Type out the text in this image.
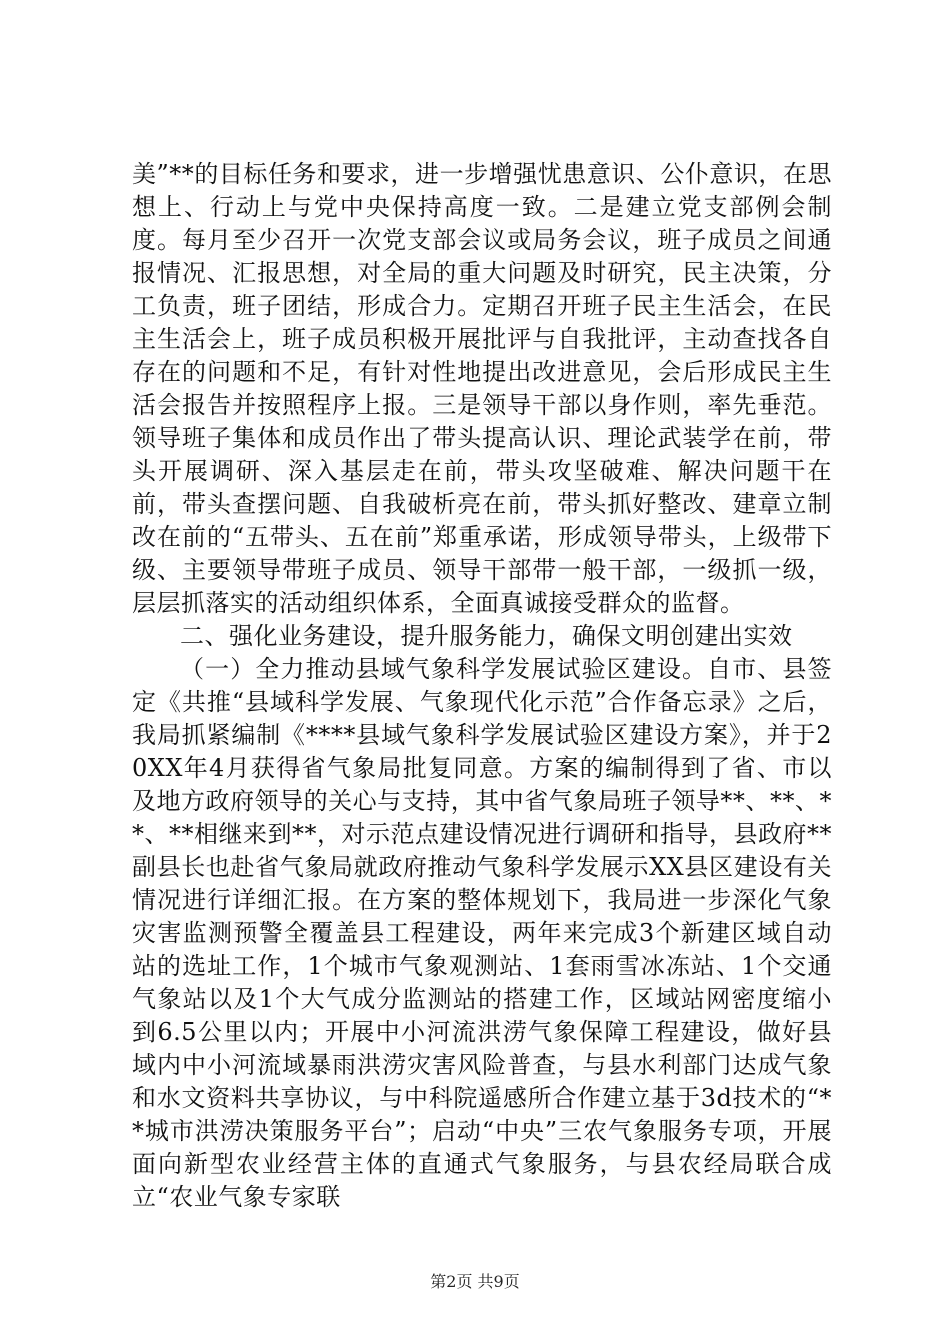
美”**的目标任务和要求，进一步增强忧患意识、公仆意识，在思想上、行动上与党中央保持高度一致。二是建立党支部例会制度。每月至少召开一次党支部会议或局务会议，班子成员之间通报情况、汇报思想，对全局的重大问题及时研究，民主决策，分工负责，班子团结，形成合力。定期召开班子民主生活会，在民主生活会上，班子成员积极开展批评与自我批评，主动查找各自存在的问题和不足，有针对性地提出改进意见，会后形成民主生活会报告并按照程序上报。三是领导干部以身作则，率先垂范。领导班子集体和成员作出了带头提高认识、理论武装学在前，带头开展调研、深入基层走在前，带头攻坚破难、解决问题干在前，带头查摆问题、自我破析亮在前，带头抓好整改、建章立制改在前的“五带头、五在前”郑重承诺，形成领导带头，上级带下级、主要领导带班子成员、领导干部带一般干部，一级抓一级，层层抓落实的活动组织体系，全面真诚接受群众的监督。

二、强化业务建设，提升服务能力，确保文明创建出实效

（一）全力推动县域气象科学发展试验区建设。自市、县签定《共推“县域科学发展、气象现代化示范”合作备忘录》之后，我局抓紧编制《****县域气象科学发展试验区建设方案》，并于20XX年4月获得省气象局批复同意。方案的编制得到了省、市以及地方政府领导的关心与支持，其中省气象局班子领导**、**、**、**相继来到**，对示范点建设情况进行调研和指导，县政府**副县长也赴省气象局就政府推动气象科学发展示XX县区建设有关情况进行详细汇报。在方案的整体规划下，我局进一步深化气象灾害监测预警全覆盖县工程建设，两年来完成3个新建区域自动站的选址工作，1个城市气象观测站、1套雨雪冰冻站、1个交通气象站以及1个大气成分监测站的搭建工作，区域站网密度缩小到6.5公里以内；开展中小河流洪涝气象保障工程建设，做好县域内中小河流域暴雨洪涝灾害风险普查，与县水利部门达成气象和水文资料共享协议，与中科院遥感所合作建立基于3d技术的“**城市洪涝决策服务平台”；启动“中央”三农气象服务专项，开展面向新型农业经营主体的直通式气象服务，与县农经局联合成立“农业气象专家联

第2页 共9页
